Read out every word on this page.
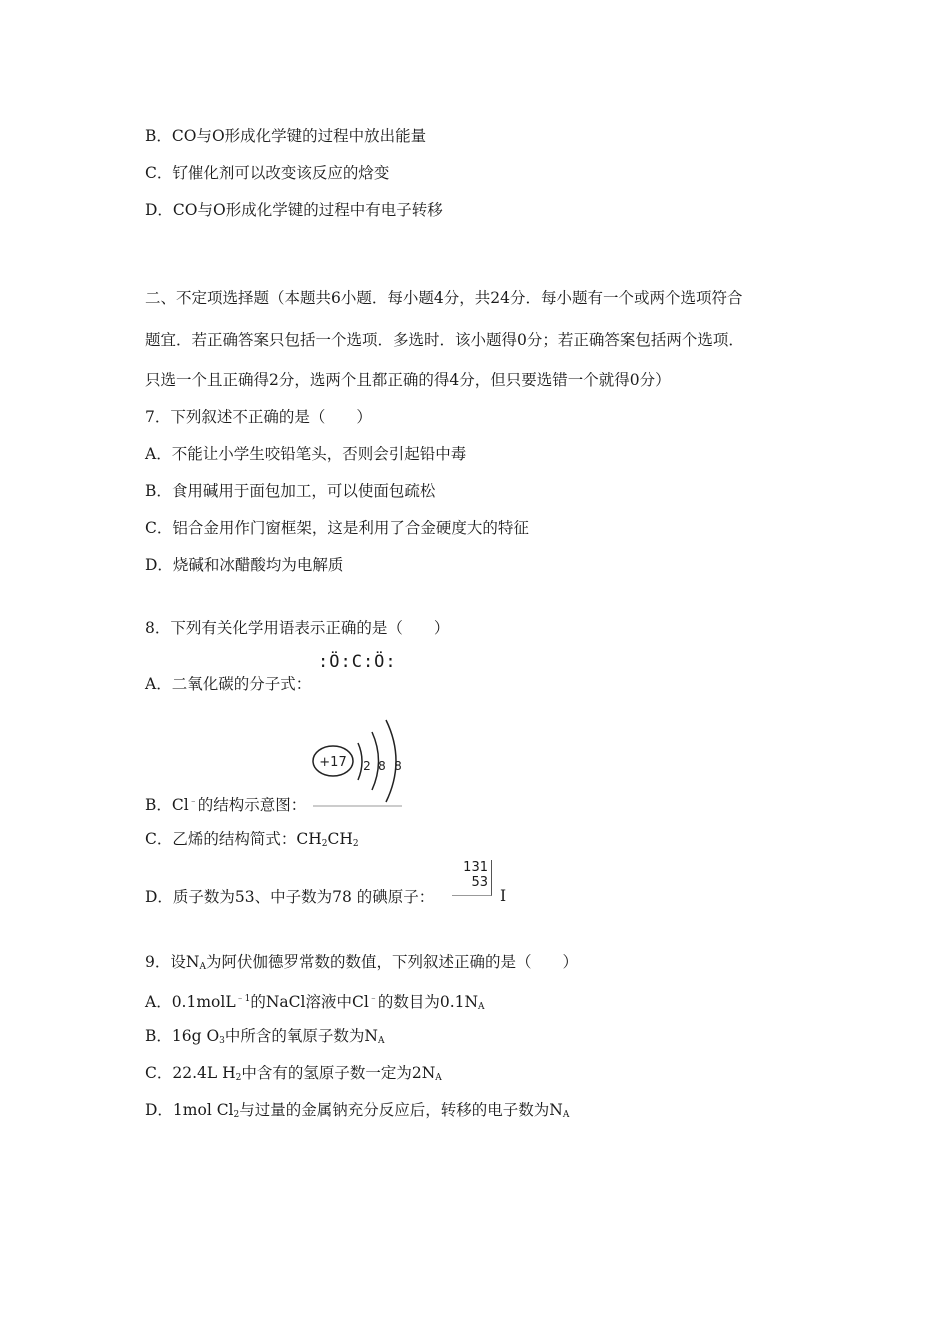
B．CO与O形成化学键的过程中放出能量
C．钌催化剂可以改变该反应的焓变
D．CO与O形成化学键的过程中有电子转移
二、不定项选择题（本题共6小题．每小题4分，共24分．每小题有一个或两个选项符合
题宜．若正确答案只包括一个选项．多选时．该小题得0分；若正确答案包括两个选项．
只选一个且正确得2分，选两个且都正确的得4分，但只要选错一个就得0分）
7．下列叙述不正确的是（　　）
A．不能让小学生咬铅笔头，否则会引起铅中毒
B．食用碱用于面包加工，可以使面包疏松
C．铝合金用作门窗框架，这是利用了合金硬度大的特征
D．烧碱和冰醋酸均为电解质
8．下列有关化学用语表示正确的是（　　）
A．二氧化碳的分子式：
:Ö:C:Ö:
B．Cl﹣的结构示意图：
+17 2 8 8
C．乙烯的结构简式：$CH_2CH_2$
D．质子数为53、中子数为78 的碘原子：
131
53
I
9．设$N_A$为阿伏伽德罗常数的数值，下列叙述正确的是（　　）
A．0.1molL$^{﹣1}$的NaCl溶液中Cl﹣的数目为$0.1N_A$
B．16g $O_3$中所含的氧原子数为$N_A$
C．22.4L $H_2$中含有的氢原子数一定为$2N_A$
D．1mol $Cl_2$与过量的金属钠充分反应后，转移的电子数为$N_A$
